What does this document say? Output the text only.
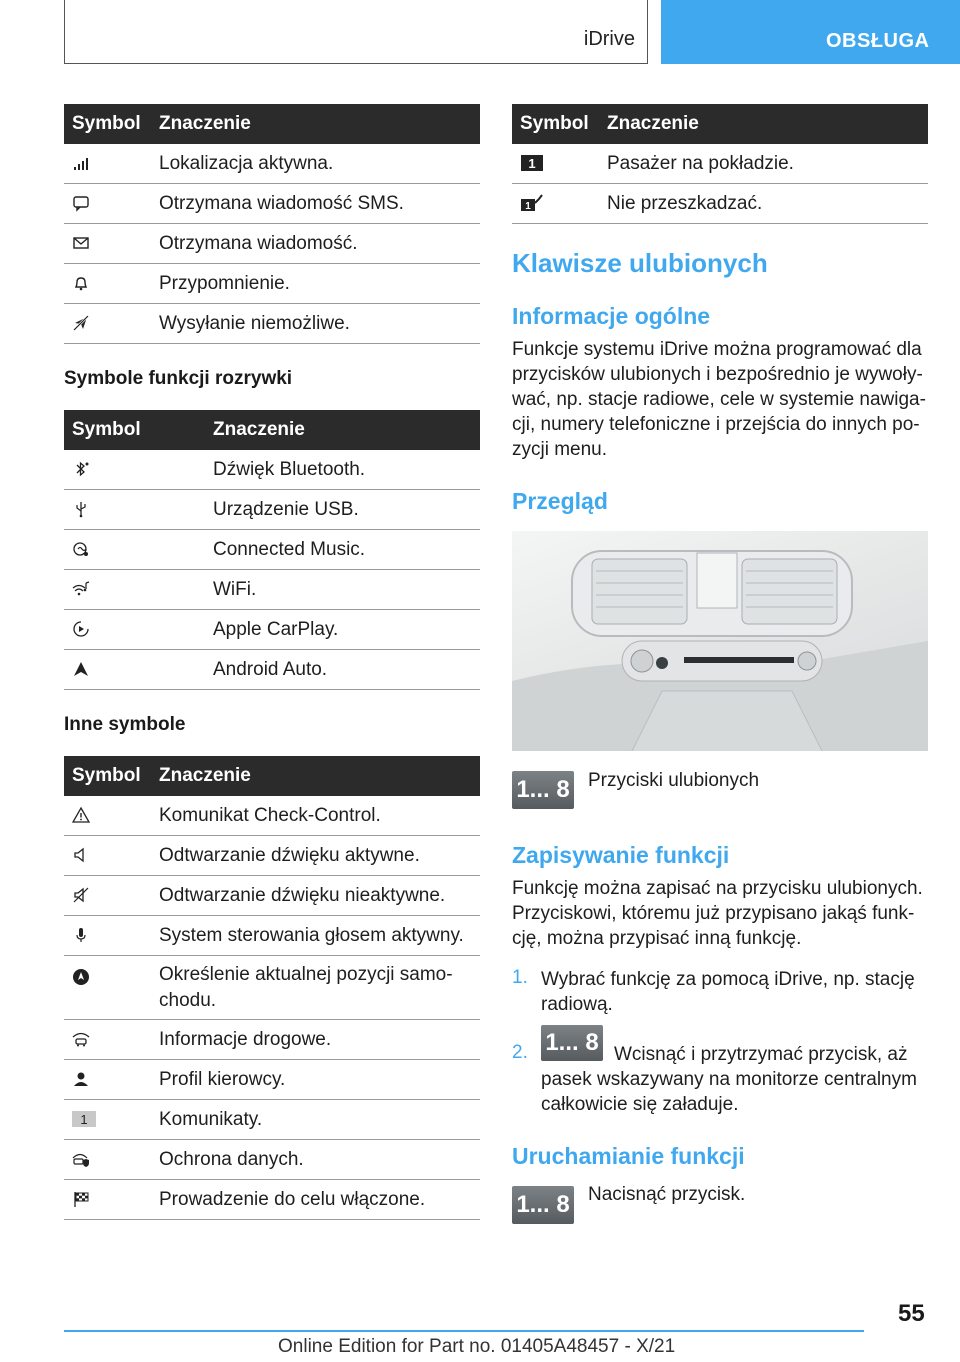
iDrive	OBSŁUGA
Symbol	Znaczenie

	Lokalizacja aktywna.

	Otrzymana wiadomość SMS.

	Otrzymana wiadomość.

	Przypomnienie.

	Wysyłanie niemożliwe.
Symbole funkcji rozrywki
Symbol	Znaczenie

	Dźwięk Bluetooth.

	Urządzenie USB.

	Connected Music.

	WiFi.

	Apple CarPlay.

	Android Auto.
Inne symbole
Symbol	Znaczenie

	Komunikat Check-Control.

	Odtwarzanie dźwięku aktywne.

	Odtwarzanie dźwięku nieaktywne.

	System sterowania głosem aktywny.

	Określenie aktualnej pozycji samo-
chodu.

	Informacje drogowe.

	Profil kierowcy.

1	Komunikaty.

	Ochrona danych.

	Prowadzenie do celu włączone.
Symbol	Znaczenie

1	Pasażer na pokładzie.

1	Nie przeszkadzać.
Klawisze ulubionych
Informacje ogólne
Funkcje systemu iDrive można programować dla przycisków ulubionych i bezpośrednio je wywoły-wać, np. stacje radiowe, cele w systemie nawiga-cji, numery telefoniczne i przejścia do innych po-zycji menu.
Przegląd
1... 8 Przyciski ulubionych
Zapisywanie funkcji
Funkcję można zapisać na przycisku ulubionych. Przyciskowi, któremu już przypisano jakąś funk-cję, można przypisać inną funkcję.
1. Wybrać funkcję za pomocą iDrive, np. stację radiową.
2. 1... 8 Wcisnąć i przytrzymać przycisk, aż pasek wskazywany na monitorze centralnym całkowicie się załaduje.
Uruchamianie funkcji
1... 8 Nacisnąć przycisk.
55
Online Edition for Part no. 01405A48457 - X/21
